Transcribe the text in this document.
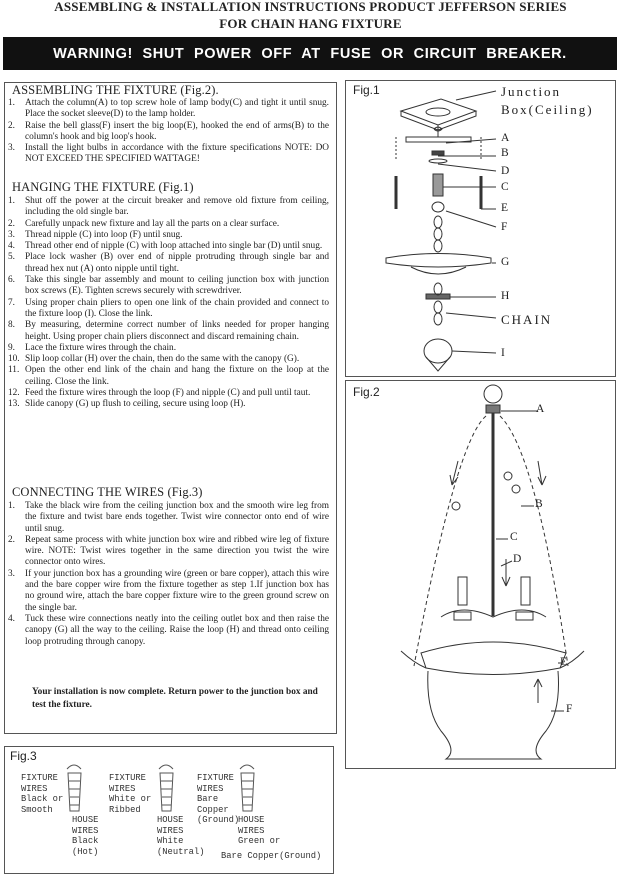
ASSEMBLING & INSTALLATION INSTRUCTIONS PRODUCT JEFFERSON SERIES
FOR CHAIN HANG FIXTURE
WARNING! SHUT POWER OFF AT FUSE OR CIRCUIT BREAKER.
ASSEMBLING THE FIXTURE (Fig.2).
1. Attach the column(A) to top screw hole of lamp body(C) and tight it until snug. Place the socket sleeve(D) to the lamp holder.
2. Raise the bell glass(F) insert the big loop(E), hooked the end of arms(B) to the column's hook and big loop's hook.
3. Install the light bulbs in accordance with the fixture specifications NOTE: DO NOT EXCEED THE SPECIFIED WATTAGE!
HANGING THE FIXTURE (Fig.1)
1. Shut off the power at the circuit breaker and remove old fixture from ceiling, including the old single bar.
2. Carefully unpack new fixture and lay all the parts on a clear surface.
3. Thread nipple (C) into loop (F) until snug.
4. Thread other end of nipple (C) with loop attached into single bar (D) until snug.
5. Place lock washer (B) over end of nipple protruding through single bar and thread hex nut (A) onto nipple until tight.
6. Take this single bar assembly and mount to ceiling junction box with junction box screws (E). Tighten screws securely with screwdriver.
7. Using proper chain pliers to open one link of the chain provided and connect to the fixture loop (I). Close the link.
8. By measuring, determine correct number of links needed for proper hanging height. Using proper chain pliers disconnect and discard remaining chain.
9. Lace the fixture wires through the chain.
10. Slip loop collar (H) over the chain, then do the same with the canopy (G).
11. Open the other end link of the chain and hang the fixture on the loop at the ceiling. Close the link.
12. Feed the fixture wires through the loop (F) and nipple (C) and pull until taut.
13. Slide canopy (G) up flush to ceiling, secure using loop (H).
CONNECTING THE WIRES (Fig.3)
1. Take the black wire from the ceiling junction box and the smooth wire leg from the fixture and twist bare ends together. Twist wire connector onto end of wire until snug.
2. Repeat same process with white junction box wire and ribbed wire leg of fixture wire. NOTE: Twist wires together in the same direction you twist the wire connector onto wires.
3. If your junction box has a grounding wire (green or bare copper), attach this wire and the bare copper wire from the fixture together as step 1.If junction box has no ground wire, attach the bare copper fixture wire to the green ground screw on the single bar.
4. Tuck these wire connections neatly into the ceiling outlet box and then raise the canopy (G) all the way to the ceiling. Raise the loop (H) and thread onto ceiling loop protruding through canopy.
Your installation is now complete. Return power to the junction box and test the fixture.
Fig.1	Junction
Box(Ceiling)
A
B
D
C
E
F
G
H
CHAIN
I
Fig.2
A
B
C
D
E
F
Fig.3
FIXTURE
WIRES
Black or
Smooth
HOUSE
WIRES
Black
(Hot)
FIXTURE
WIRES
White or
Ribbed
HOUSE
WIRES
White
(Neutral)
FIXTURE
WIRES
Bare
Copper
(Ground)
HOUSE
WIRES
Green or
Bare Copper(Ground)
